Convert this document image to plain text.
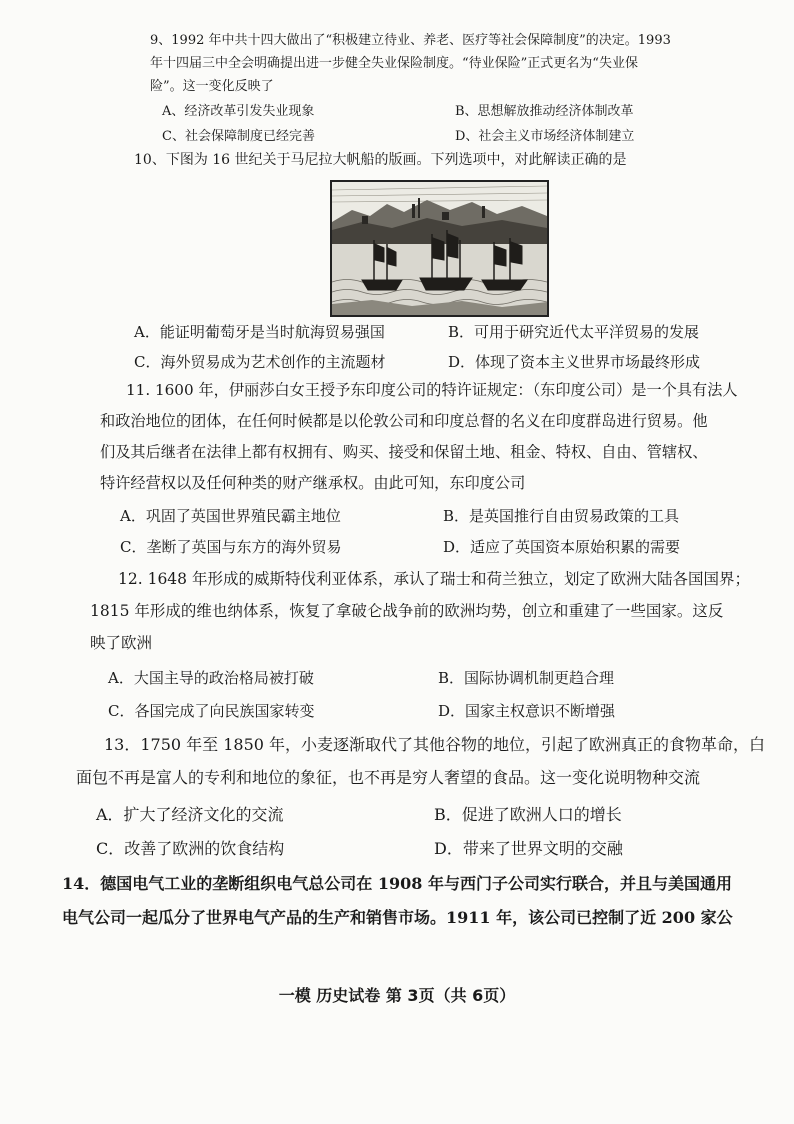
9、1992 年中共十四大做出了“积极建立待业、养老、医疗等社会保障制度”的决定。1993
年十四届三中全会明确提出进一步健全失业保险制度。“待业保险”正式更名为“失业保
险”。这一变化反映了
A、经济改革引发失业现象	B、思想解放推动经济体制改革
C、社会保障制度已经完善	D、社会主义市场经济体制建立
10、下图为 16 世纪关于马尼拉大帆船的版画。下列选项中，对此解读正确的是
A．能证明葡萄牙是当时航海贸易强国	B．可用于研究近代太平洋贸易的发展
C．海外贸易成为艺术创作的主流题材	D．体现了资本主义世界市场最终形成
11. 1600 年，伊丽莎白女王授予东印度公司的特许证规定：（东印度公司）是一个具有法人
和政治地位的团体，在任何时候都是以伦敦公司和印度总督的名义在印度群岛进行贸易。他
们及其后继者在法律上都有权拥有、购买、接受和保留土地、租金、特权、自由、管辖权、
特许经营权以及任何种类的财产继承权。由此可知，东印度公司
A．巩固了英国世界殖民霸主地位	B．是英国推行自由贸易政策的工具
C．垄断了英国与东方的海外贸易	D．适应了英国资本原始积累的需要
12. 1648 年形成的威斯特伐利亚体系，承认了瑞士和荷兰独立，划定了欧洲大陆各国国界；
1815 年形成的维也纳体系，恢复了拿破仑战争前的欧洲均势，创立和重建了一些国家。这反
映了欧洲
A．大国主导的政治格局被打破	B．国际协调机制更趋合理
C．各国完成了向民族国家转变	D．国家主权意识不断增强
13．1750 年至 1850 年，小麦逐渐取代了其他谷物的地位，引起了欧洲真正的食物革命，白
面包不再是富人的专利和地位的象征，也不再是穷人奢望的食品。这一变化说明物种交流
A．扩大了经济文化的交流	B．促进了欧洲人口的增长
C．改善了欧洲的饮食结构	D．带来了世界文明的交融
14．德国电气工业的垄断组织电气总公司在 1908 年与西门子公司实行联合，并且与美国通用
电气公司一起瓜分了世界电气产品的生产和销售市场。1911 年，该公司已控制了近 200 家公
一模 历史试卷 第 3页（共 6页）
